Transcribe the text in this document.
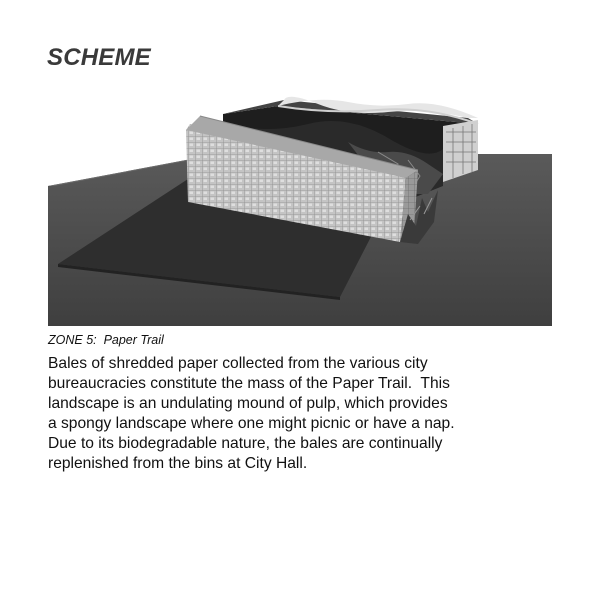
SCHEME

ZONE 5:  Paper Trail

Bales of shredded paper collected from the various city
bureaucracies constitute the mass of the Paper Trail.  This
landscape is an undulating mound of pulp, which provides
a spongy landscape where one might picnic or have a nap.
Due to its biodegradable nature, the bales are continually
replenished from the bins at City Hall.
